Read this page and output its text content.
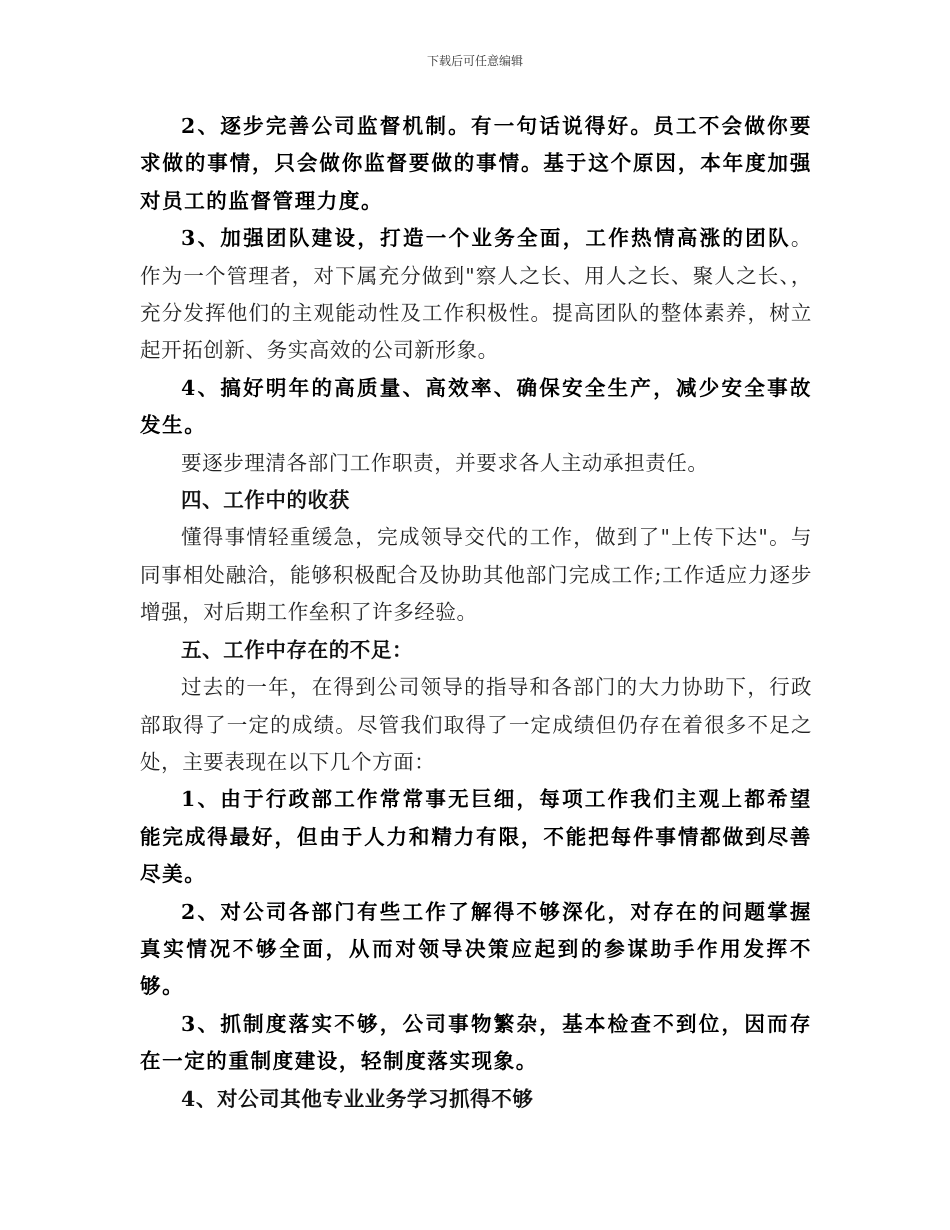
下载后可任意编辑

2、逐步完善公司监督机制。有一句话说得好。员工不会做你要求做的事情，只会做你监督要做的事情。基于这个原因，本年度加强对员工的监督管理力度。

3、加强团队建设，打造一个业务全面，工作热情高涨的团队。作为一个管理者，对下属充分做到"察人之长、用人之长、聚人之长、，充分发挥他们的主观能动性及工作积极性。提高团队的整体素养，树立起开拓创新、务实高效的公司新形象。

4、搞好明年的高质量、高效率、确保安全生产，减少安全事故发生。

要逐步理清各部门工作职责，并要求各人主动承担责任。

四、工作中的收获

懂得事情轻重缓急，完成领导交代的工作，做到了"上传下达"。与同事相处融洽，能够积极配合及协助其他部门完成工作;工作适应力逐步增强，对后期工作垒积了许多经验。

五、工作中存在的不足：

过去的一年，在得到公司领导的指导和各部门的大力协助下，行政部取得了一定的成绩。尽管我们取得了一定成绩但仍存在着很多不足之处，主要表现在以下几个方面：

1、由于行政部工作常常事无巨细，每项工作我们主观上都希望能完成得最好，但由于人力和精力有限，不能把每件事情都做到尽善尽美。

2、对公司各部门有些工作了解得不够深化，对存在的问题掌握真实情况不够全面，从而对领导决策应起到的参谋助手作用发挥不够。

3、抓制度落实不够，公司事物繁杂，基本检查不到位，因而存在一定的重制度建设，轻制度落实现象。

4、对公司其他专业业务学习抓得不够
